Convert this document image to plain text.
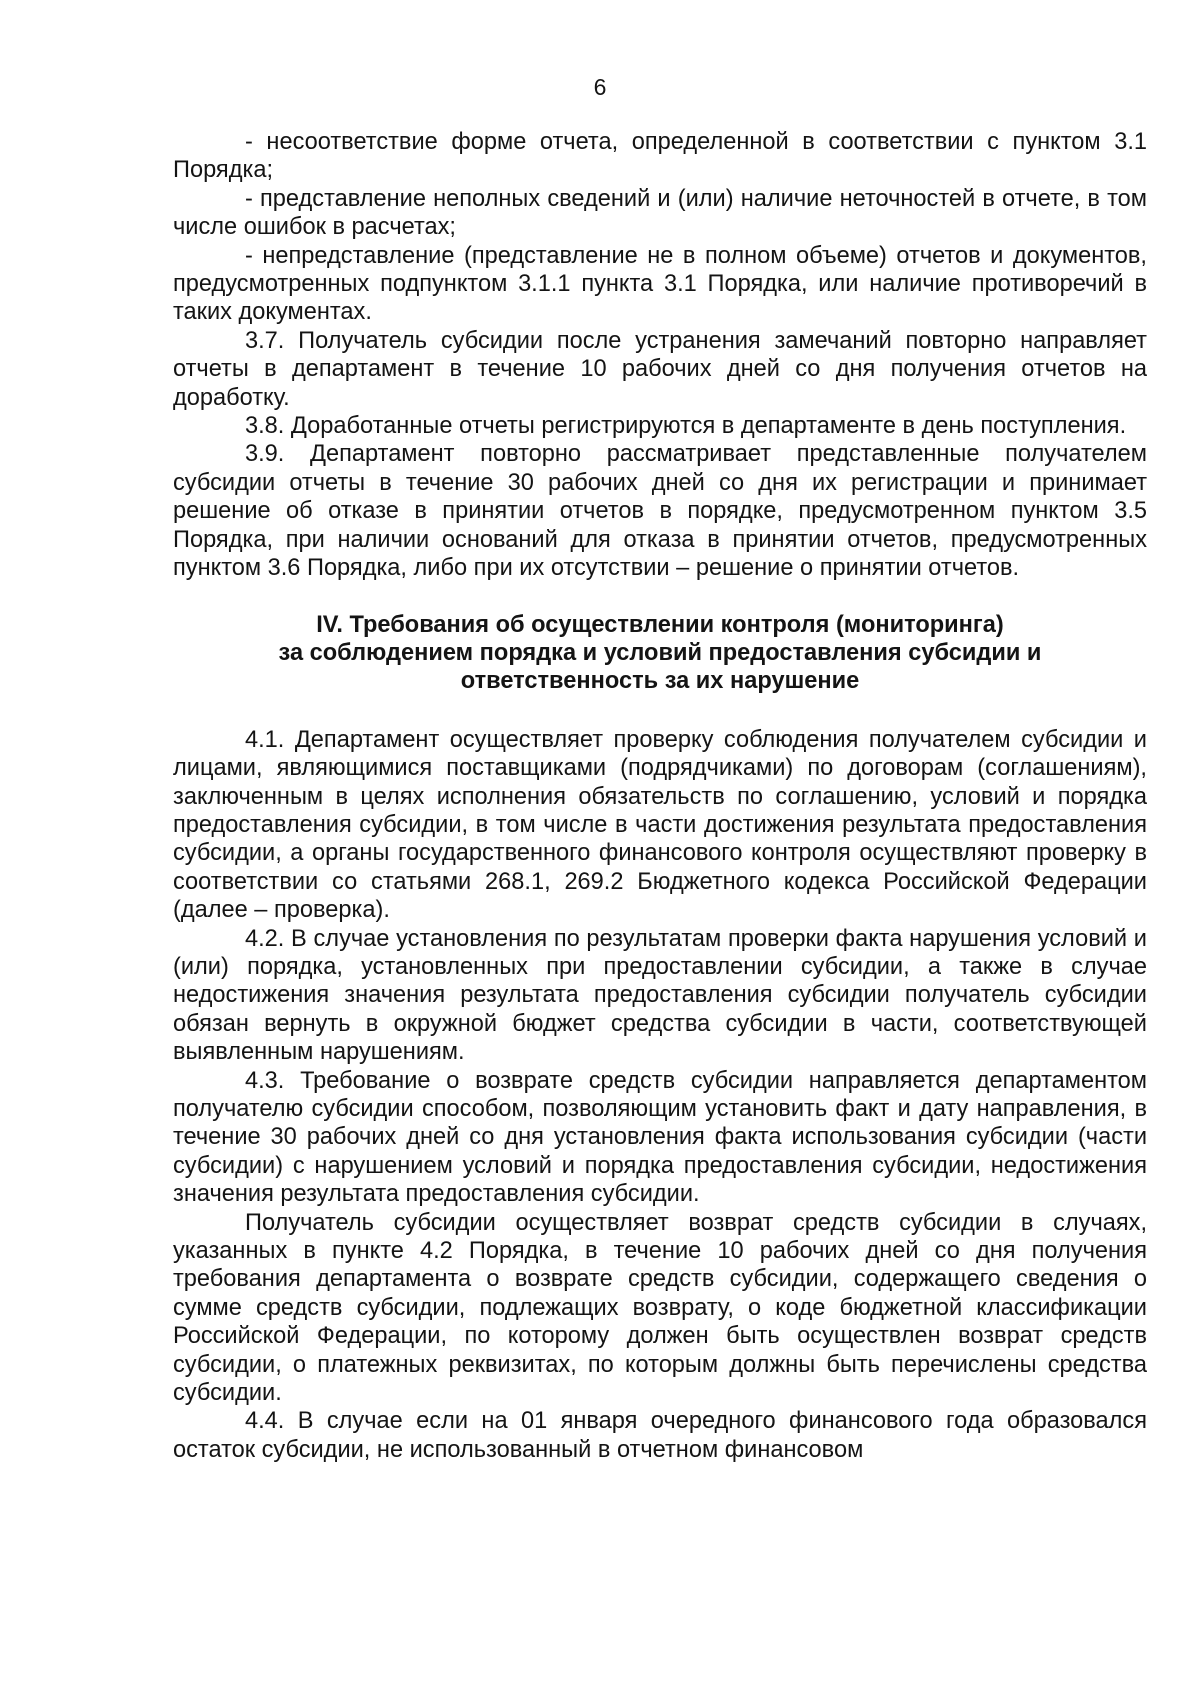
6

- несоответствие форме отчета, определенной в соответствии с пунктом 3.1 Порядка;

- представление неполных сведений и (или) наличие неточностей в отчете, в том числе ошибок в расчетах;

- непредставление (представление не в полном объеме) отчетов и документов, предусмотренных подпунктом 3.1.1 пункта 3.1 Порядка, или наличие противоречий в таких документах.

3.7. Получатель субсидии после устранения замечаний повторно направляет отчеты в департамент в течение 10 рабочих дней со дня получения отчетов на доработку.

3.8. Доработанные отчеты регистрируются в департаменте в день поступления.

3.9. Департамент повторно рассматривает представленные получателем субсидии отчеты в течение 30 рабочих дней со дня их регистрации и принимает решение об отказе в принятии отчетов в порядке, предусмотренном пунктом 3.5 Порядка, при наличии оснований для отказа в принятии отчетов, предусмотренных пунктом 3.6 Порядка, либо при их отсутствии – решение о принятии отчетов.

IV. Требования об осуществлении контроля (мониторинга)
за соблюдением порядка и условий предоставления субсидии и
ответственность за их нарушение

4.1. Департамент осуществляет проверку соблюдения получателем субсидии и лицами, являющимися поставщиками (подрядчиками) по договорам (соглашениям), заключенным в целях исполнения обязательств по соглашению, условий и порядка предоставления субсидии, в том числе в части достижения результата предоставления субсидии, а органы государственного финансового контроля осуществляют проверку в соответствии со статьями 268.1, 269.2 Бюджетного кодекса Российской Федерации (далее – проверка).

4.2. В случае установления по результатам проверки факта нарушения условий и (или) порядка, установленных при предоставлении субсидии, а также в случае недостижения значения результата предоставления субсидии получатель субсидии обязан вернуть в окружной бюджет средства субсидии в части, соответствующей выявленным нарушениям.

4.3. Требование о возврате средств субсидии направляется департаментом получателю субсидии способом, позволяющим установить факт и дату направления, в течение 30 рабочих дней со дня установления факта использования субсидии (части субсидии) с нарушением условий и порядка предоставления субсидии, недостижения значения результата предоставления субсидии.

Получатель субсидии осуществляет возврат средств субсидии в случаях, указанных в пункте 4.2 Порядка, в течение 10 рабочих дней со дня получения требования департамента о возврате средств субсидии, содержащего сведения о сумме средств субсидии, подлежащих возврату, о коде бюджетной классификации Российской Федерации, по которому должен быть осуществлен возврат средств субсидии, о платежных реквизитах, по которым должны быть перечислены средства субсидии.

4.4. В случае если на 01 января очередного финансового года образовался остаток субсидии, не использованный в отчетном финансовом
